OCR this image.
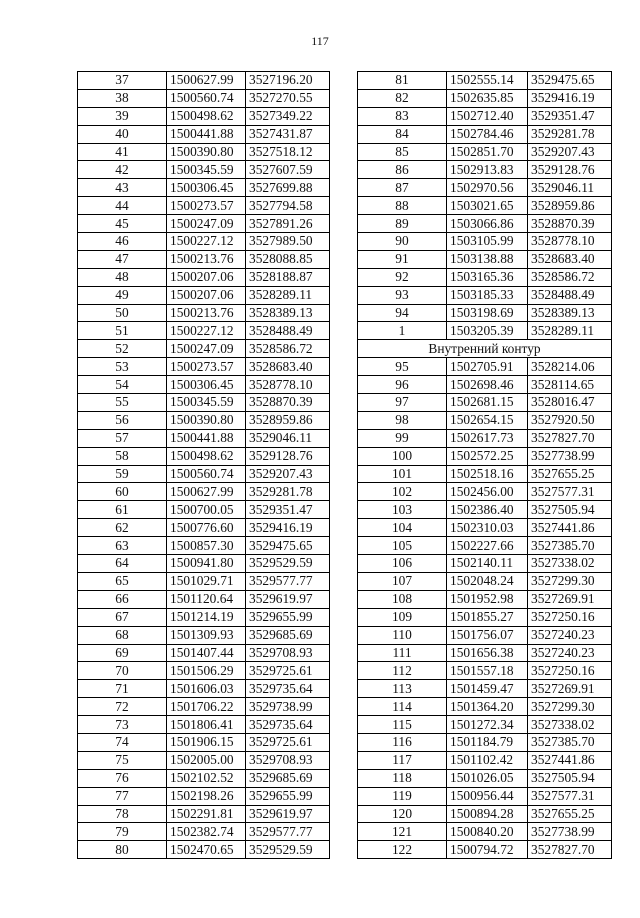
117
37	1500627.99	3527196.20
38	1500560.74	3527270.55
39	1500498.62	3527349.22
40	1500441.88	3527431.87
41	1500390.80	3527518.12
42	1500345.59	3527607.59
43	1500306.45	3527699.88
44	1500273.57	3527794.58
45	1500247.09	3527891.26
46	1500227.12	3527989.50
47	1500213.76	3528088.85
48	1500207.06	3528188.87
49	1500207.06	3528289.11
50	1500213.76	3528389.13
51	1500227.12	3528488.49
52	1500247.09	3528586.72
53	1500273.57	3528683.40
54	1500306.45	3528778.10
55	1500345.59	3528870.39
56	1500390.80	3528959.86
57	1500441.88	3529046.11
58	1500498.62	3529128.76
59	1500560.74	3529207.43
60	1500627.99	3529281.78
61	1500700.05	3529351.47
62	1500776.60	3529416.19
63	1500857.30	3529475.65
64	1500941.80	3529529.59
65	1501029.71	3529577.77
66	1501120.64	3529619.97
67	1501214.19	3529655.99
68	1501309.93	3529685.69
69	1501407.44	3529708.93
70	1501506.29	3529725.61
71	1501606.03	3529735.64
72	1501706.22	3529738.99
73	1501806.41	3529735.64
74	1501906.15	3529725.61
75	1502005.00	3529708.93
76	1502102.52	3529685.69
77	1502198.26	3529655.99
78	1502291.81	3529619.97
79	1502382.74	3529577.77
80	1502470.65	3529529.59
81	1502555.14	3529475.65
82	1502635.85	3529416.19
83	1502712.40	3529351.47
84	1502784.46	3529281.78
85	1502851.70	3529207.43
86	1502913.83	3529128.76
87	1502970.56	3529046.11
88	1503021.65	3528959.86
89	1503066.86	3528870.39
90	1503105.99	3528778.10
91	1503138.88	3528683.40
92	1503165.36	3528586.72
93	1503185.33	3528488.49
94	1503198.69	3528389.13
1	1503205.39	3528289.11
Внутренний контур		
95	1502705.91	3528214.06
96	1502698.46	3528114.65
97	1502681.15	3528016.47
98	1502654.15	3527920.50
99	1502617.73	3527827.70
100	1502572.25	3527738.99
101	1502518.16	3527655.25
102	1502456.00	3527577.31
103	1502386.40	3527505.94
104	1502310.03	3527441.86
105	1502227.66	3527385.70
106	1502140.11	3527338.02
107	1502048.24	3527299.30
108	1501952.98	3527269.91
109	1501855.27	3527250.16
110	1501756.07	3527240.23
111	1501656.38	3527240.23
112	1501557.18	3527250.16
113	1501459.47	3527269.91
114	1501364.20	3527299.30
115	1501272.34	3527338.02
116	1501184.79	3527385.70
117	1501102.42	3527441.86
118	1501026.05	3527505.94
119	1500956.44	3527577.31
120	1500894.28	3527655.25
121	1500840.20	3527738.99
122	1500794.72	3527827.70
